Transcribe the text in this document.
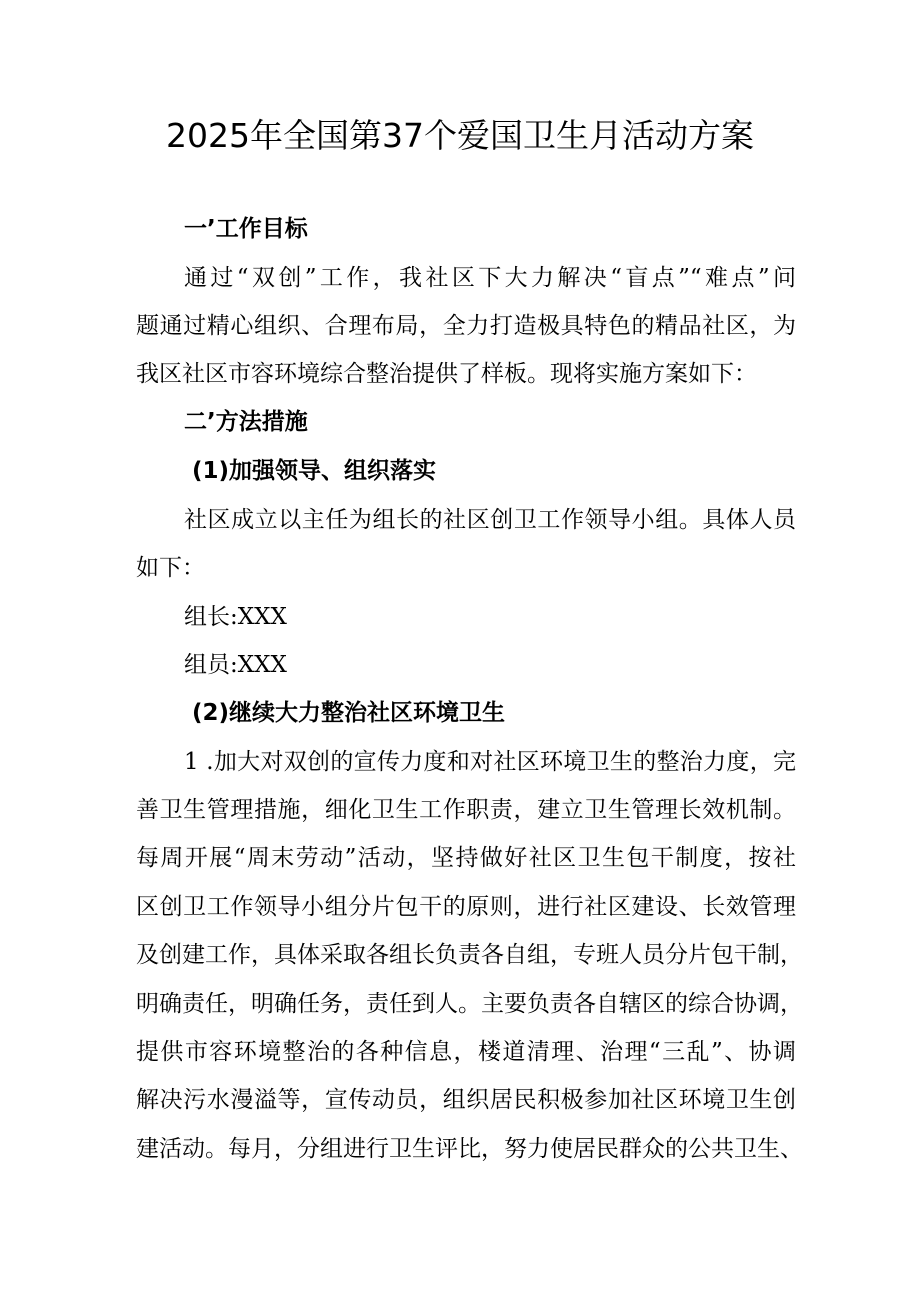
2025年全国第37个爱国卫生月活动方案

一’工作目标

通过“双创”工作，我社区下大力解决“盲点”“难点”问

题通过精心组织、合理布局，全力打造极具特色的精品社区，为

我区社区市容环境综合整治提供了样板。现将实施方案如下：

二’方法措施

(1)加强领导、组织落实

社区成立以主任为组长的社区创卫工作领导小组。具体人员

如下：

组长:XXX

组员:XXX

(2)继续大力整治社区环境卫生

1 .加大对双创的宣传力度和对社区环境卫生的整治力度，完

善卫生管理措施，细化卫生工作职责，建立卫生管理长效机制。

每周开展“周末劳动”活动，坚持做好社区卫生包干制度，按社

区创卫工作领导小组分片包干的原则，进行社区建设、长效管理

及创建工作，具体采取各组长负责各自组，专班人员分片包干制，

明确责任，明确任务，责任到人。主要负责各自辖区的综合协调，

提供市容环境整治的各种信息，楼道清理、治理“三乱”、协调

解决污水漫溢等，宣传动员，组织居民积极参加社区环境卫生创

建活动。每月，分组进行卫生评比，努力使居民群众的公共卫生、
